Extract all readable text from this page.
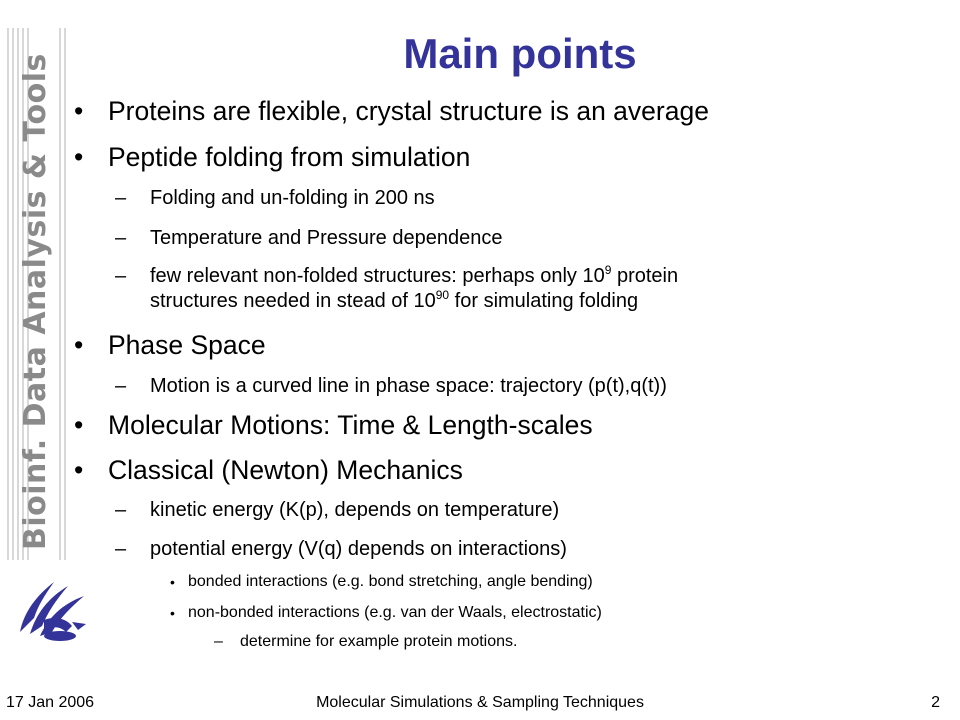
Bioinf. Data Analysis & Tools	Main points
• Proteins are flexible, crystal structure is an average
• Peptide folding from simulation
– Folding and un-folding in 200 ns
– Temperature and Pressure dependence
– few relevant non-folded structures: perhaps only $10^9$ protein
structures needed in stead of $10^{90}$ for simulating folding
• Phase Space
– Motion is a curved line in phase space: trajectory (p(t),q(t))
• Molecular Motions: Time & Length-scales
• Classical (Newton) Mechanics
– kinetic energy (K(p), depends on temperature)
– potential energy (V(q) depends on interactions)
• bonded interactions (e.g. bond stretching, angle bending)
• non-bonded interactions (e.g. van der Waals, electrostatic)
– determine for example protein motions.
17 Jan 2006	Molecular Simulations & Sampling Techniques	2
